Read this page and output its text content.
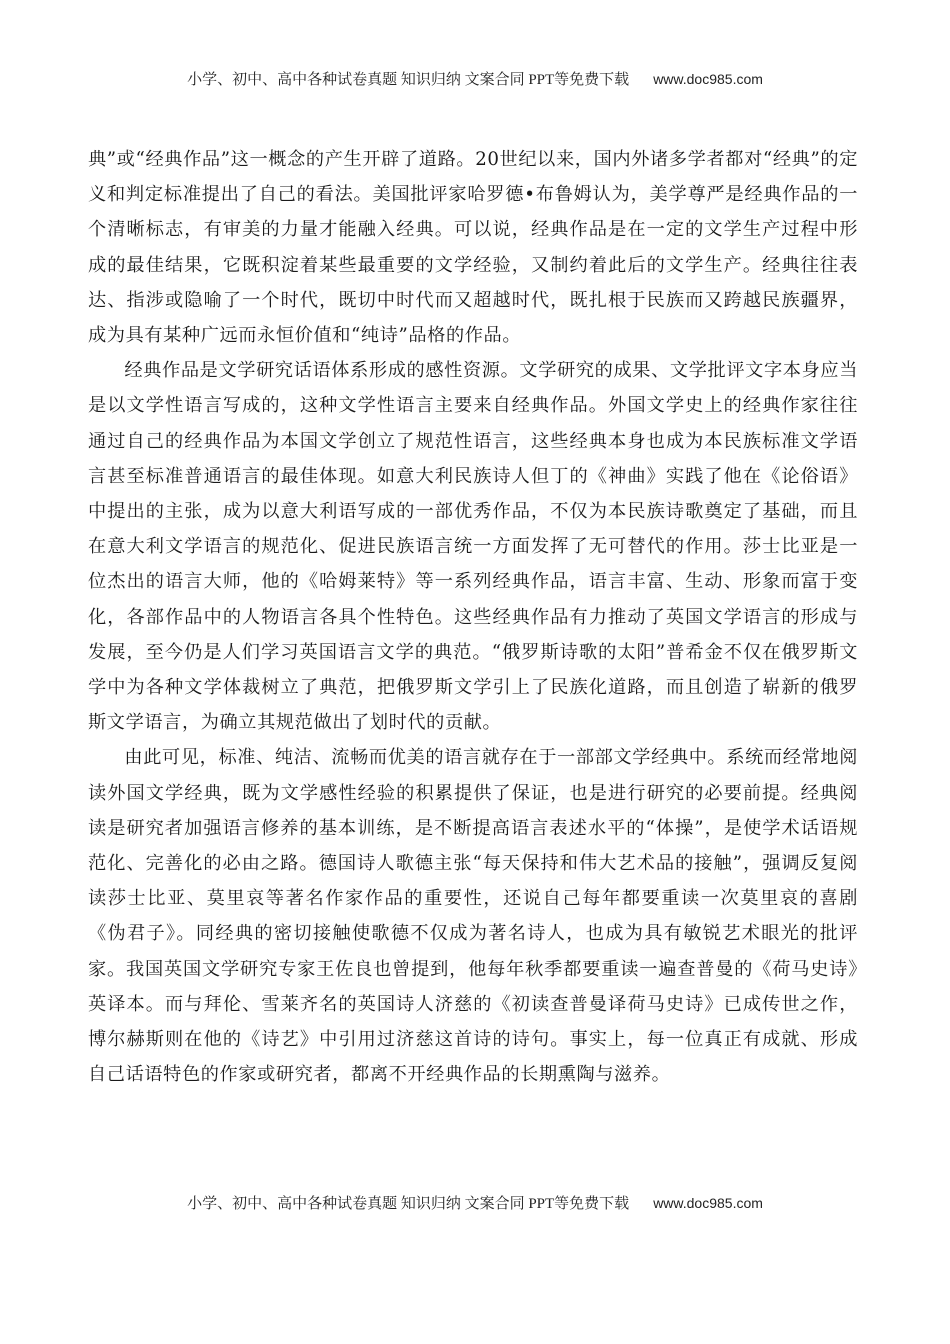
小学、初中、高中各种试卷真题 知识归纳 文案合同 PPT等免费下载 www.doc985.com

典”或“经典作品”这一概念的产生开辟了道路。20世纪以来，国内外诸多学者都对“经典”的定义和判定标准提出了自己的看法。美国批评家哈罗德•布鲁姆认为，美学尊严是经典作品的一个清晰标志，有审美的力量才能融入经典。可以说，经典作品是在一定的文学生产过程中形成的最佳结果，它既积淀着某些最重要的文学经验，又制约着此后的文学生产。经典往往表达、指涉或隐喻了一个时代，既切中时代而又超越时代，既扎根于民族而又跨越民族疆界，成为具有某种广远而永恒价值和“纯诗”品格的作品。

经典作品是文学研究话语体系形成的感性资源。文学研究的成果、文学批评文字本身应当是以文学性语言写成的，这种文学性语言主要来自经典作品。外国文学史上的经典作家往往通过自己的经典作品为本国文学创立了规范性语言，这些经典本身也成为本民族标准文学语言甚至标准普通语言的最佳体现。如意大利民族诗人但丁的《神曲》实践了他在《论俗语》中提出的主张，成为以意大利语写成的一部优秀作品，不仅为本民族诗歌奠定了基础，而且在意大利文学语言的规范化、促进民族语言统一方面发挥了无可替代的作用。莎士比亚是一位杰出的语言大师，他的《哈姆莱特》等一系列经典作品，语言丰富、生动、形象而富于变化，各部作品中的人物语言各具个性特色。这些经典作品有力推动了英国文学语言的形成与发展，至今仍是人们学习英国语言文学的典范。“俄罗斯诗歌的太阳”普希金不仅在俄罗斯文学中为各种文学体裁树立了典范，把俄罗斯文学引上了民族化道路，而且创造了崭新的俄罗斯文学语言，为确立其规范做出了划时代的贡献。

由此可见，标准、纯洁、流畅而优美的语言就存在于一部部文学经典中。系统而经常地阅读外国文学经典，既为文学感性经验的积累提供了保证，也是进行研究的必要前提。经典阅读是研究者加强语言修养的基本训练，是不断提高语言表述水平的“体操”，是使学术话语规范化、完善化的必由之路。德国诗人歌德主张“每天保持和伟大艺术品的接触”，强调反复阅读莎士比亚、莫里哀等著名作家作品的重要性，还说自己每年都要重读一次莫里哀的喜剧《伪君子》。同经典的密切接触使歌德不仅成为著名诗人，也成为具有敏锐艺术眼光的批评家。我国英国文学研究专家王佐良也曾提到，他每年秋季都要重读一遍查普曼的《荷马史诗》英译本。而与拜伦、雪莱齐名的英国诗人济慈的《初读查普曼译荷马史诗》已成传世之作，博尔赫斯则在他的《诗艺》中引用过济慈这首诗的诗句。事实上，每一位真正有成就、形成自己话语特色的作家或研究者，都离不开经典作品的长期熏陶与滋养。

小学、初中、高中各种试卷真题 知识归纳 文案合同 PPT等免费下载 www.doc985.com
